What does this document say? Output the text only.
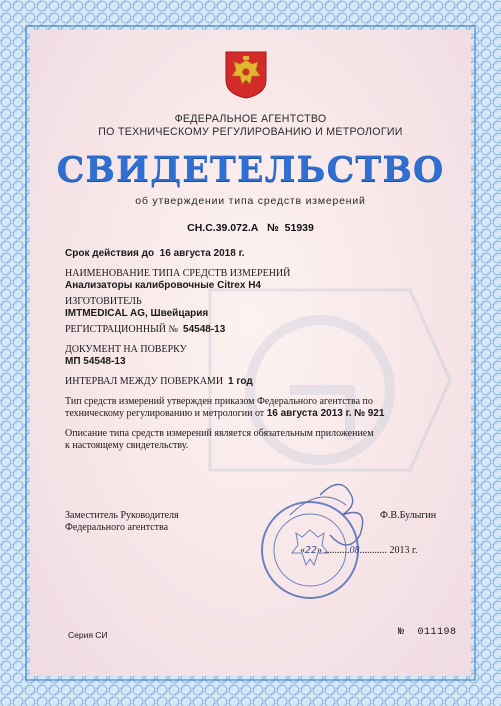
ФЕДЕРАЛЬНОЕ АГЕНТСТВО
ПО ТЕХНИЧЕСКОМУ РЕГУЛИРОВАНИЮ И МЕТРОЛОГИИ
СВИДЕТЕЛЬСТВО
об утверждении типа средств измерений
CH.C.39.072.A № 51939
Срок действия до 16 августа 2018 г.
НАИМЕНОВАНИЕ ТИПА СРЕДСТВ ИЗМЕРЕНИЙ
Анализаторы калибровочные Citrex H4
ИЗГОТОВИТЕЛЬ
IMTMEDICAL AG, Швейцария
РЕГИСТРАЦИОННЫЙ № 54548-13
ДОКУМЕНТ НА ПОВЕРКУ
МП 54548-13
ИНТЕРВАЛ МЕЖДУ ПОВЕРКАМИ 1 год
Тип средств измерений утвержден приказом Федерального агентства по
техническому регулированию и метрологии от 16 августа 2013 г. № 921
Описание типа средств измерений является обязательным приложением
к настоящему свидетельству.
Заместитель Руководителя
Федерального агентства
Ф.В.Булыгин
«22» ..........08........... 2013 г.
Серия СИ	№ 011198
